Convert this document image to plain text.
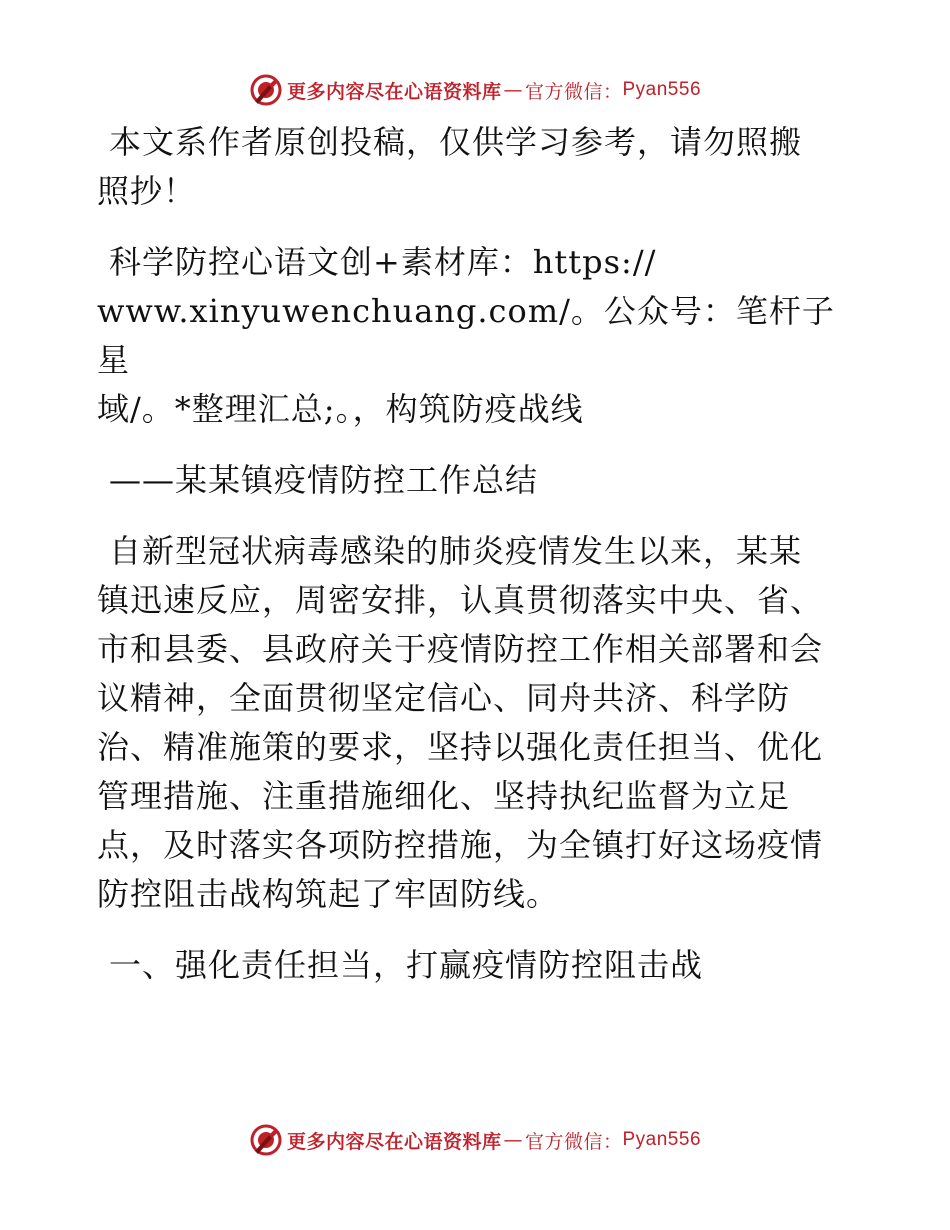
更多内容尽在心语资料库 — 官方微信： Pyan556

本文系作者原创投稿，仅供学习参考，请勿照搬
照抄！

科学防控心语文创+素材库：https://
www.xinyuwenchuang.com/。公众号：笔杆子星
域/。*整理汇总;。，构筑防疫战线

——某某镇疫情防控工作总结

自新型冠状病毒感染的肺炎疫情发生以来，某某
镇迅速反应，周密安排，认真贯彻落实中央、省、
市和县委、县政府关于疫情防控工作相关部署和会
议精神，全面贯彻坚定信心、同舟共济、科学防
治、精准施策的要求，坚持以强化责任担当、优化
管理措施、注重措施细化、坚持执纪监督为立足
点，及时落实各项防控措施，为全镇打好这场疫情
防控阻击战构筑起了牢固防线。

一、强化责任担当，打赢疫情防控阻击战

更多内容尽在心语资料库 — 官方微信： Pyan556
